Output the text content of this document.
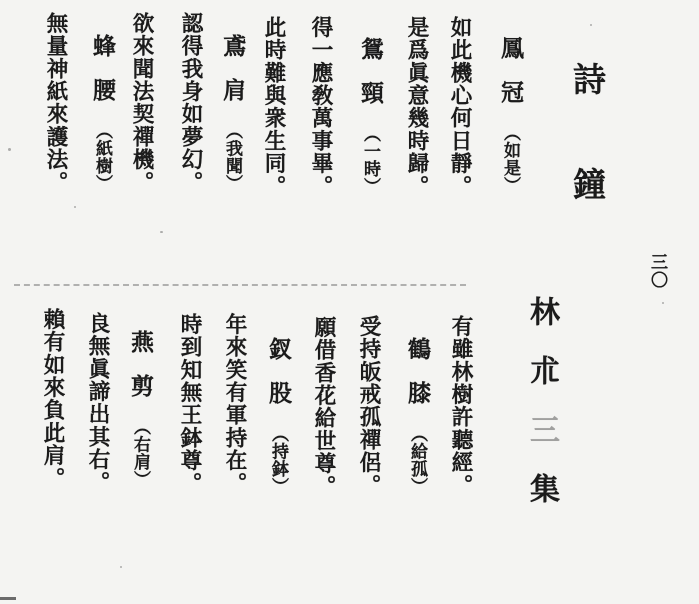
詩鐘	三〇
林朮三集
鳳冠（如是）
如此機心何日靜。
是爲眞意幾時歸。
鴛頸（一時）
得一應敎萬事畢。
此時難與衆生同。
鳶肩（我聞）
認得我身如夢幻。
欲來聞法契禪機。
蜂腰（紙樹）
無量神紙來護法。
有雖林樹許聽經。
鶴膝（給孤）
受持皈戒孤禪侶。
願借香花給世尊。
釵股（持鉢）
年來笑有軍持在。
時到知無王鉢尊。
燕剪（右肩）
良無眞諦出其右。
賴有如來負此肩。
